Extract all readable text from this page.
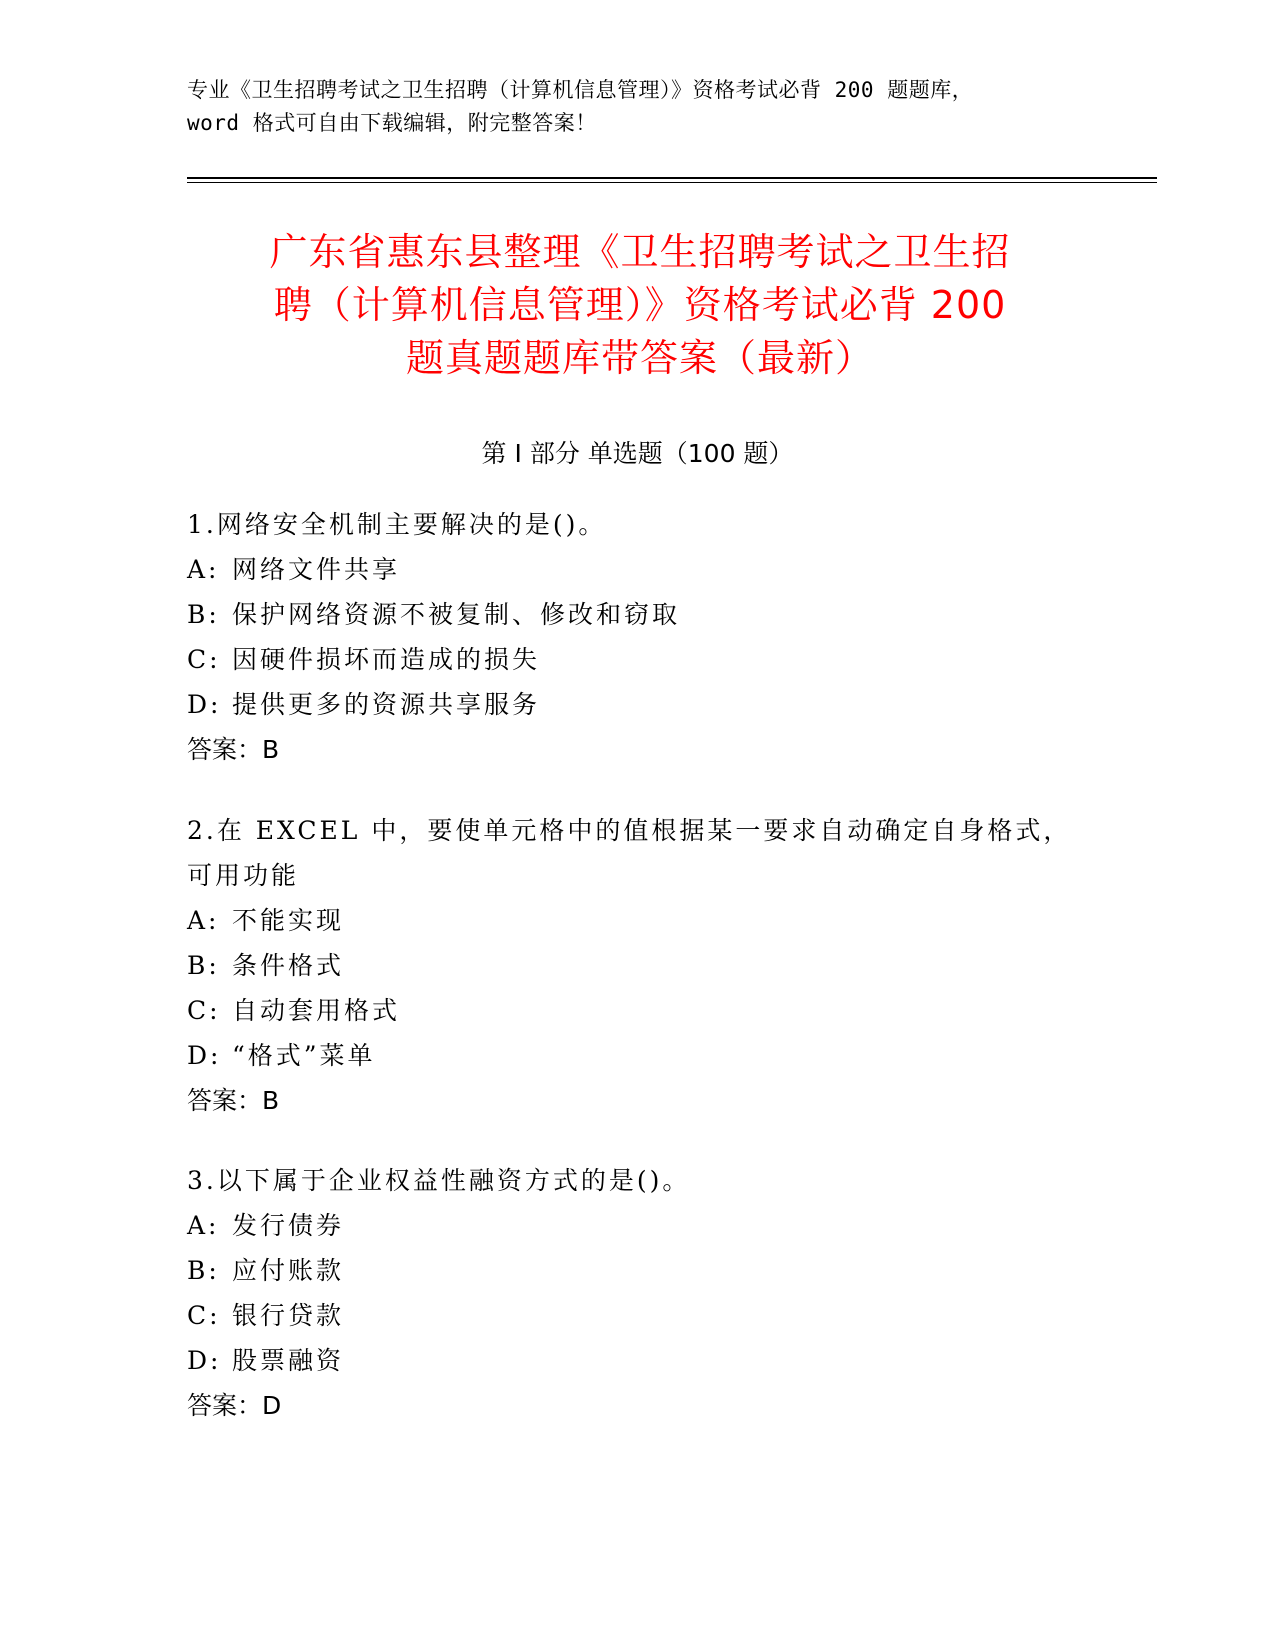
专业《卫生招聘考试之卫生招聘（计算机信息管理）》资格考试必背 200 题题库，
word 格式可自由下载编辑，附完整答案！
广东省惠东县整理《卫生招聘考试之卫生招
聘（计算机信息管理）》资格考试必背 200
题真题题库带答案（最新）
第 I 部分 单选题（100 题）
1.网络安全机制主要解决的是()。
A: 网络文件共享
B: 保护网络资源不被复制、修改和窃取
C: 因硬件损坏而造成的损失
D: 提供更多的资源共享服务
答案：B
2.在 EXCEL 中，要使单元格中的值根据某一要求自动确定自身格式，可用功能
A: 不能实现
B: 条件格式
C: 自动套用格式
D: “格式”菜单
答案：B
3.以下属于企业权益性融资方式的是()。
A: 发行债券
B: 应付账款
C: 银行贷款
D: 股票融资
答案：D
